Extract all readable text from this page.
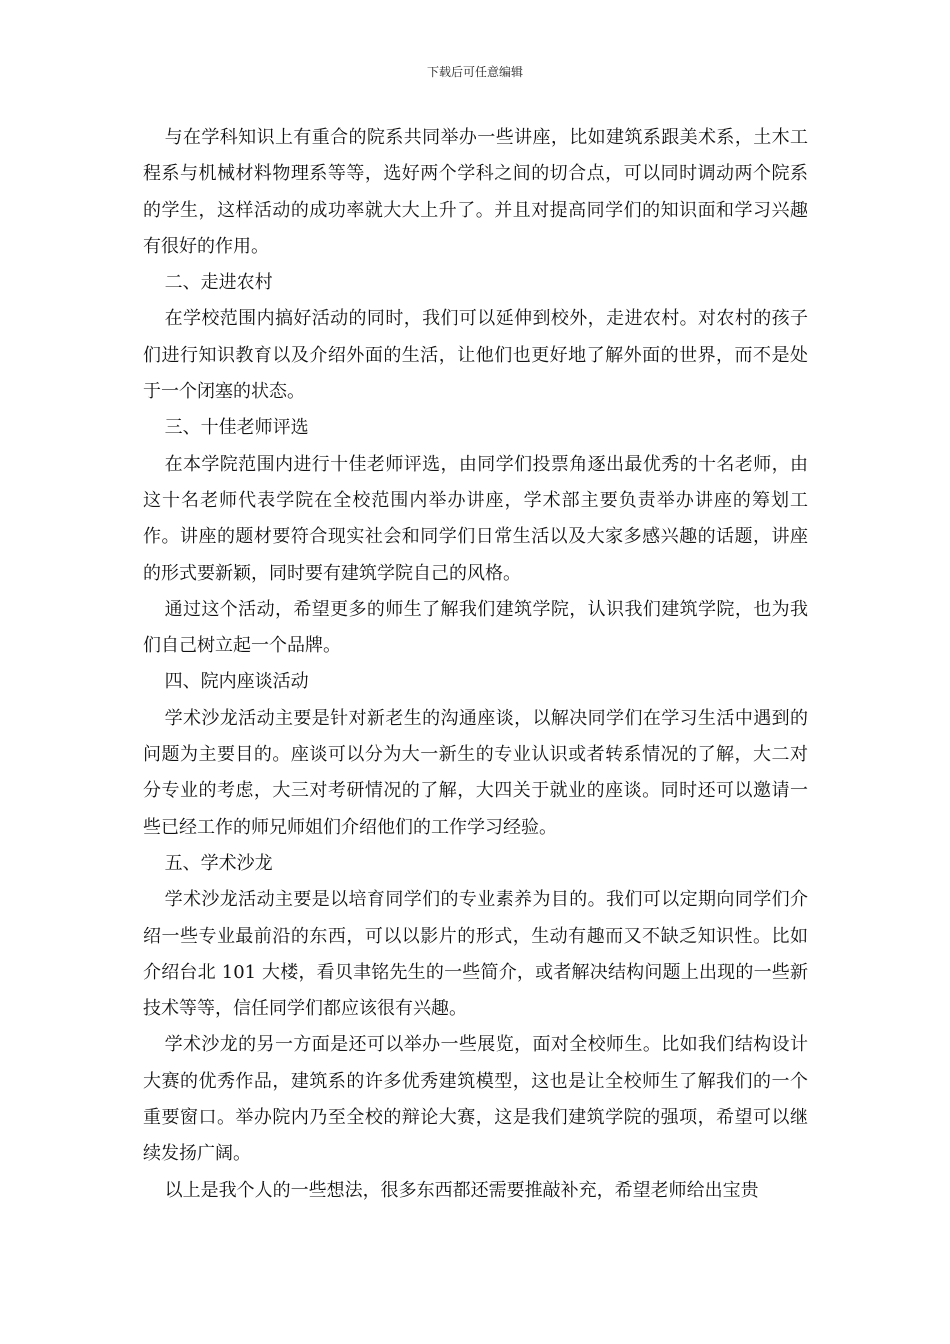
下载后可任意编辑

与在学科知识上有重合的院系共同举办一些讲座，比如建筑系跟美术系，土木工程系与机械材料物理系等等，选好两个学科之间的切合点，可以同时调动两个院系的学生，这样活动的成功率就大大上升了。并且对提高同学们的知识面和学习兴趣有很好的作用。

二、走进农村

在学校范围内搞好活动的同时，我们可以延伸到校外，走进农村。对农村的孩子们进行知识教育以及介绍外面的生活，让他们也更好地了解外面的世界，而不是处于一个闭塞的状态。

三、十佳老师评选

在本学院范围内进行十佳老师评选，由同学们投票角逐出最优秀的十名老师，由这十名老师代表学院在全校范围内举办讲座，学术部主要负责举办讲座的筹划工作。讲座的题材要符合现实社会和同学们日常生活以及大家多感兴趣的话题，讲座的形式要新颖，同时要有建筑学院自己的风格。

通过这个活动，希望更多的师生了解我们建筑学院，认识我们建筑学院，也为我们自己树立起一个品牌。

四、院内座谈活动

学术沙龙活动主要是针对新老生的沟通座谈，以解决同学们在学习生活中遇到的问题为主要目的。座谈可以分为大一新生的专业认识或者转系情况的了解，大二对分专业的考虑，大三对考研情况的了解，大四关于就业的座谈。同时还可以邀请一些已经工作的师兄师姐们介绍他们的工作学习经验。

五、学术沙龙

学术沙龙活动主要是以培育同学们的专业素养为目的。我们可以定期向同学们介绍一些专业最前沿的东西，可以以影片的形式，生动有趣而又不缺乏知识性。比如介绍台北 101 大楼，看贝聿铭先生的一些简介，或者解决结构问题上出现的一些新技术等等，信任同学们都应该很有兴趣。

学术沙龙的另一方面是还可以举办一些展览，面对全校师生。比如我们结构设计大赛的优秀作品，建筑系的许多优秀建筑模型，这也是让全校师生了解我们的一个重要窗口。举办院内乃至全校的辩论大赛，这是我们建筑学院的强项，希望可以继续发扬广阔。

以上是我个人的一些想法，很多东西都还需要推敲补充，希望老师给出宝贵
